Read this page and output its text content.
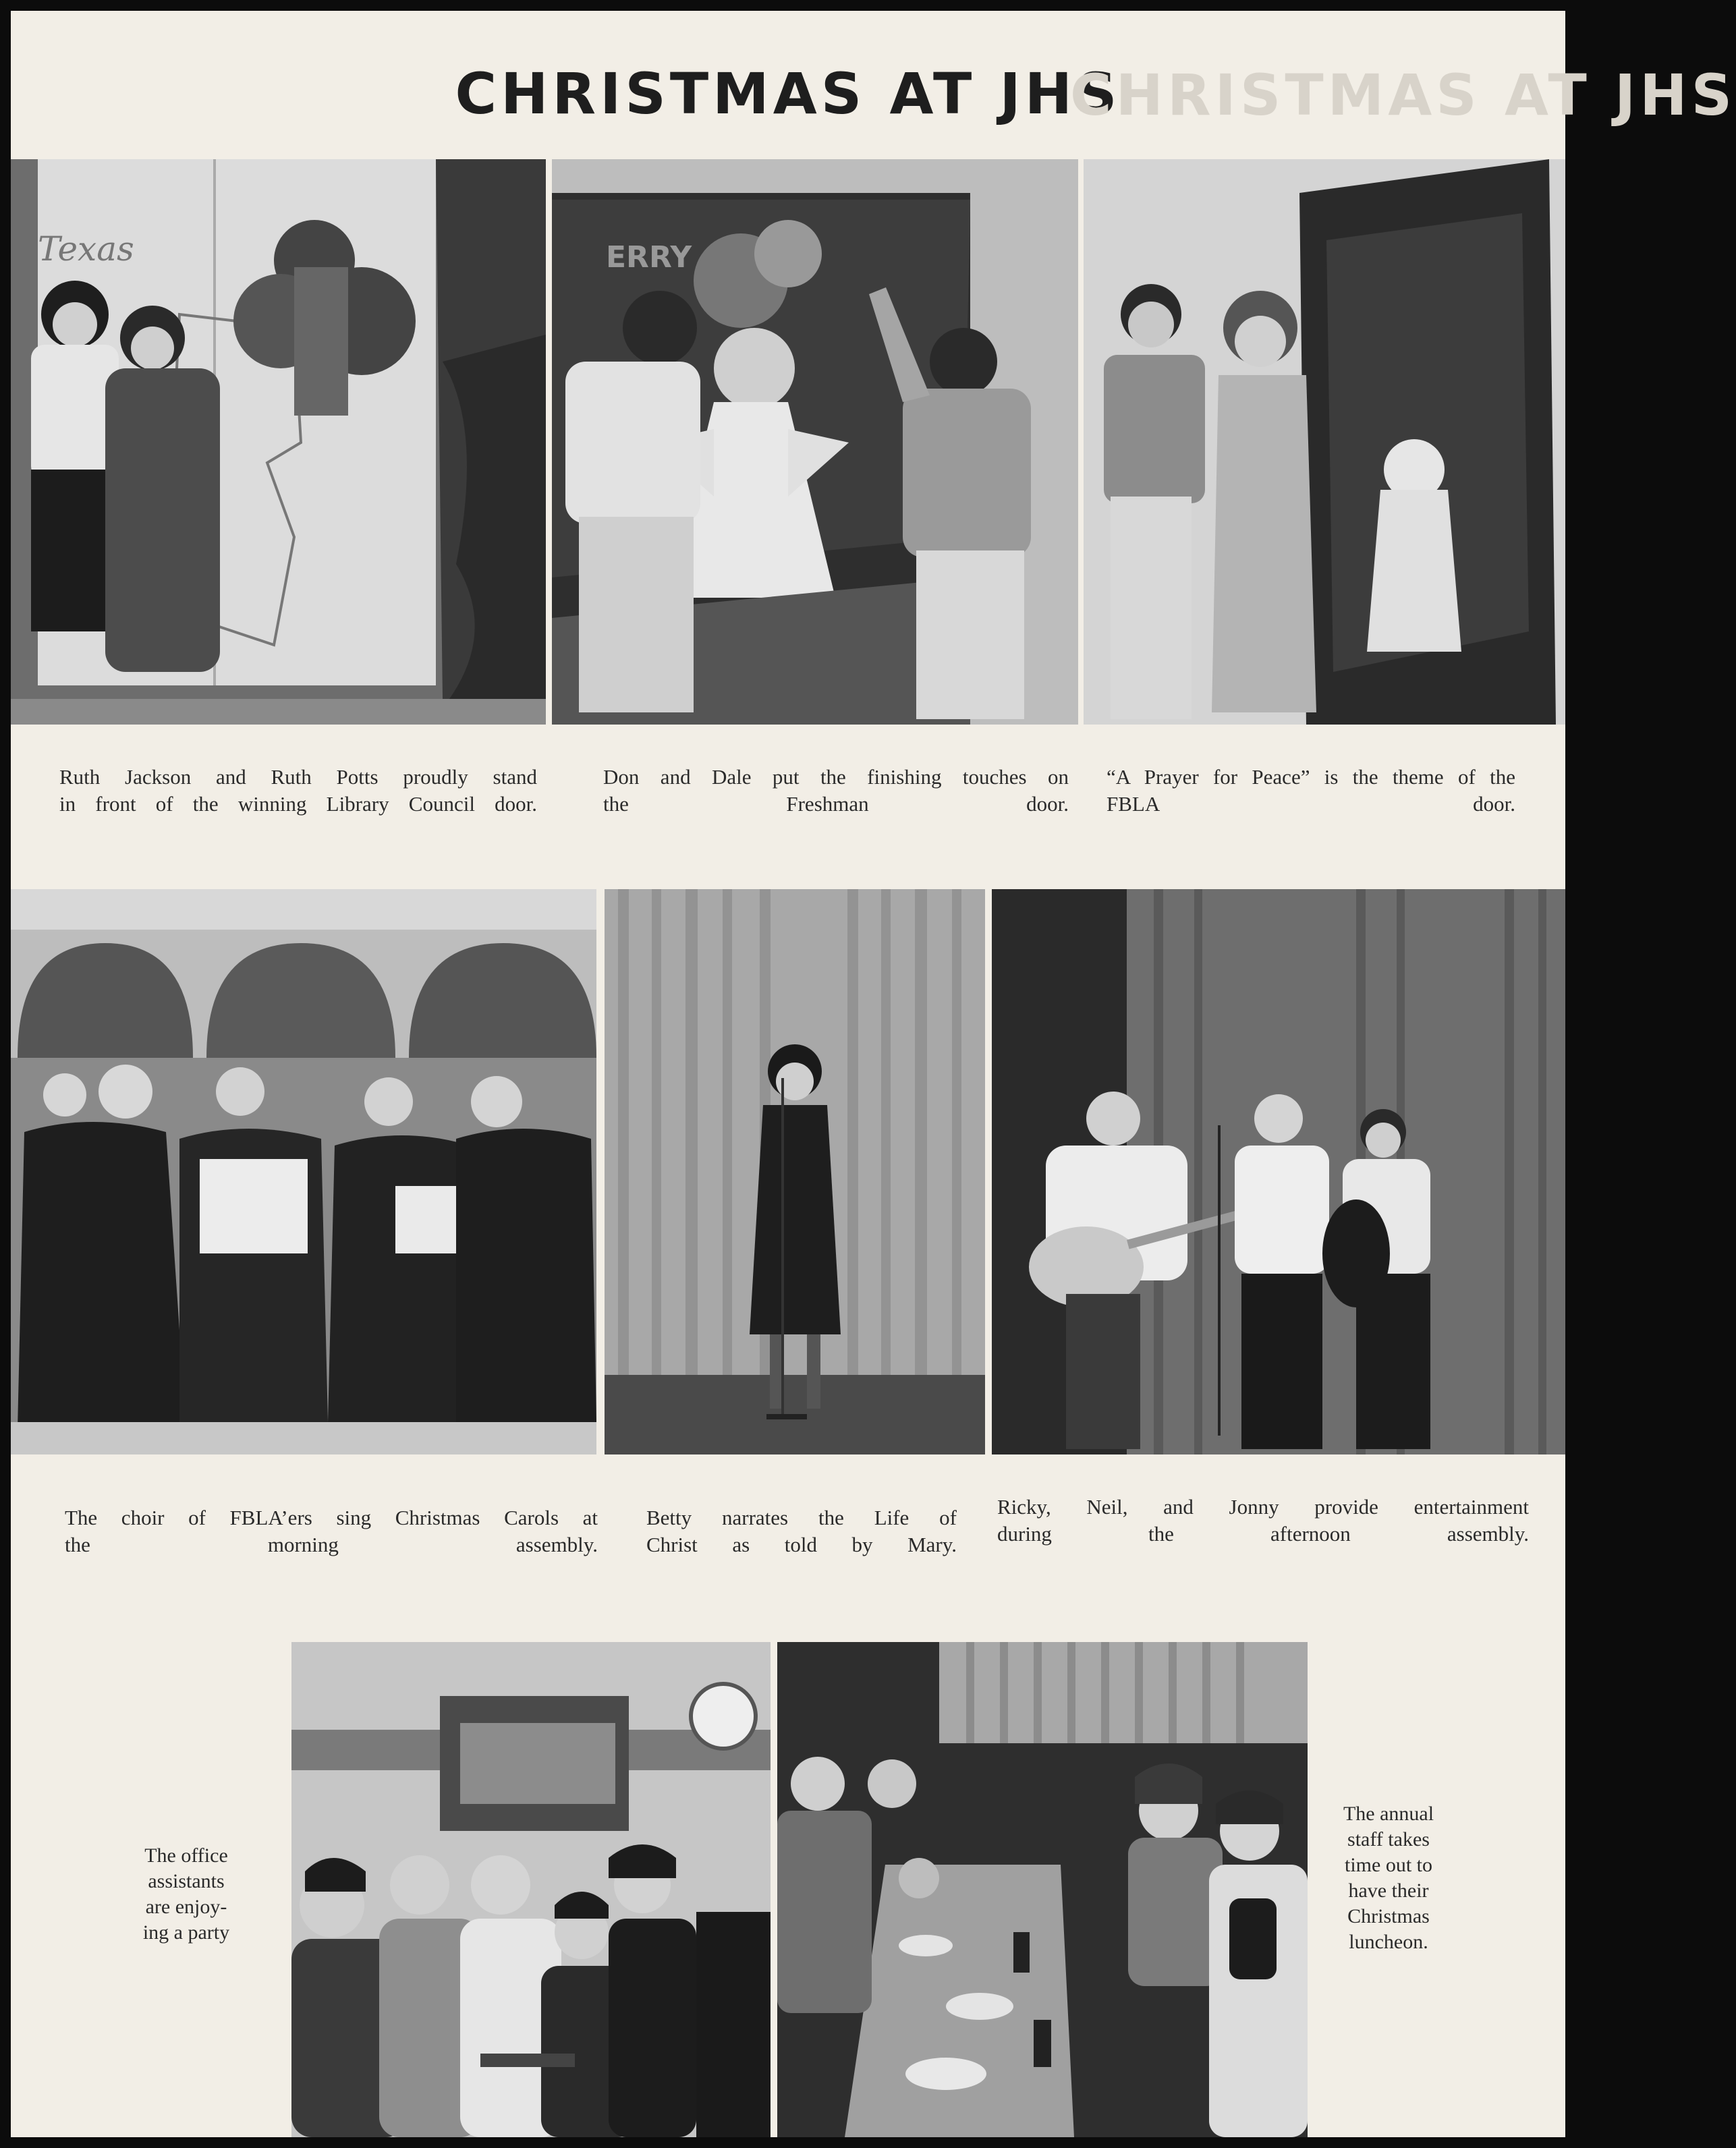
CHRISTMAS AT JHS
CHRISTMAS AT JHS
Texas	ERRY

Ruth Jackson and Ruth Potts proudly stand
in front of the winning Library Council door.

Don and Dale put the finishing touches on
the Freshman door.

“A Prayer for Peace” is the theme of the
FBLA door.

The choir of FBLA’ers sing Christmas Carols at
the morning assembly.

Betty narrates the Life of
Christ as told by Mary.

Ricky, Neil, and Jonny provide entertainment
during the afternoon assembly.

The office
assistants
are enjoy-
ing a party

The annual
staff takes
time out to
have their
Christmas
luncheon.
